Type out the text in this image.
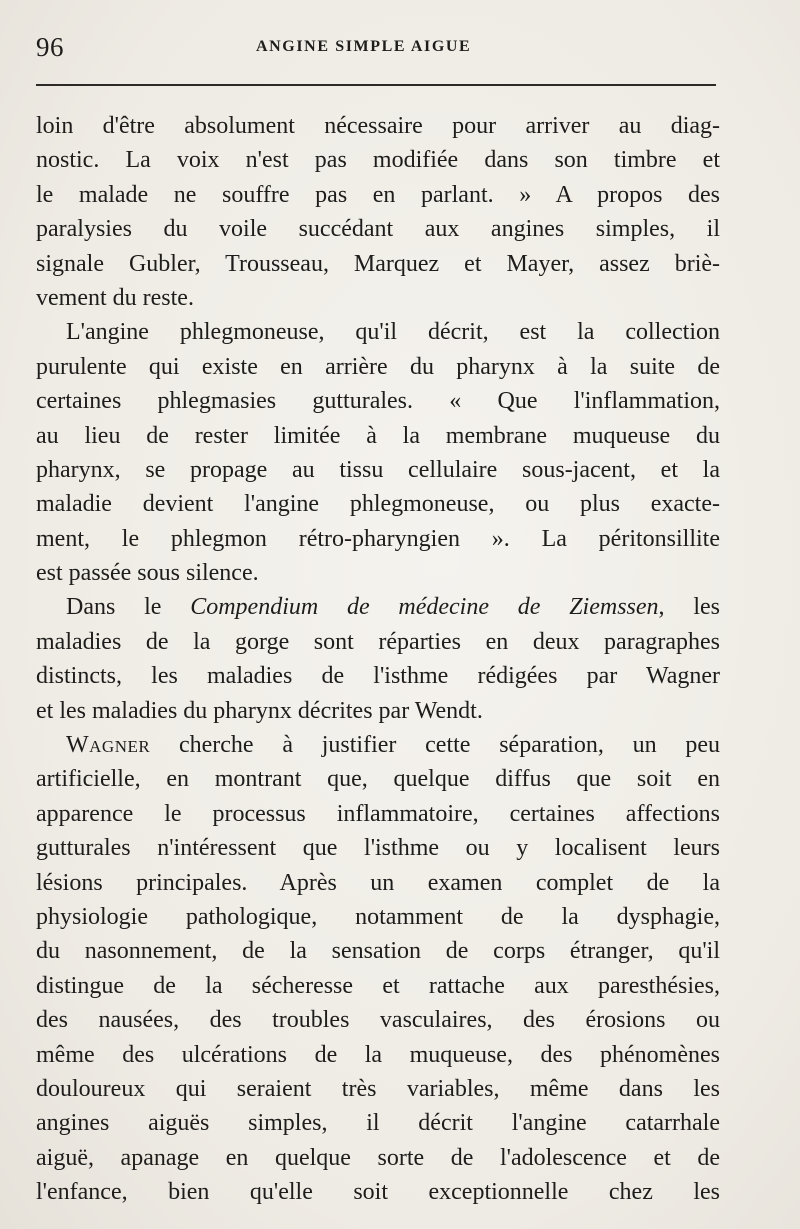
96	ANGINE SIMPLE AIGUE
loin d'être absolument nécessaire pour arriver au diag-
nostic. La voix n'est pas modifiée dans son timbre et
le malade ne souffre pas en parlant. » A propos des
paralysies du voile succédant aux angines simples, il
signale Gubler, Trousseau, Marquez et Mayer, assez briè-
vement du reste.
L'angine phlegmoneuse, qu'il décrit, est la collection
purulente qui existe en arrière du pharynx à la suite de
certaines phlegmasies gutturales. « Que l'inflammation,
au lieu de rester limitée à la membrane muqueuse du
pharynx, se propage au tissu cellulaire sous-jacent, et la
maladie devient l'angine phlegmoneuse, ou plus exacte-
ment, le phlegmon rétro-pharyngien ». La péritonsillite
est passée sous silence.
Dans le Compendium de médecine de Ziemssen, les
maladies de la gorge sont réparties en deux paragraphes
distincts, les maladies de l'isthme rédigées par Wagner
et les maladies du pharynx décrites par Wendt.
Wagner cherche à justifier cette séparation, un peu
artificielle, en montrant que, quelque diffus que soit en
apparence le processus inflammatoire, certaines affections
gutturales n'intéressent que l'isthme ou y localisent leurs
lésions principales. Après un examen complet de la
physiologie pathologique, notamment de la dysphagie,
du nasonnement, de la sensation de corps étranger, qu'il
distingue de la sécheresse et rattache aux paresthésies,
des nausées, des troubles vasculaires, des érosions ou
même des ulcérations de la muqueuse, des phénomènes
douloureux qui seraient très variables, même dans les
angines aiguës simples, il décrit l'angine catarrhale
aiguë, apanage en quelque sorte de l'adolescence et de
l'enfance, bien qu'elle soit exceptionnelle chez les
